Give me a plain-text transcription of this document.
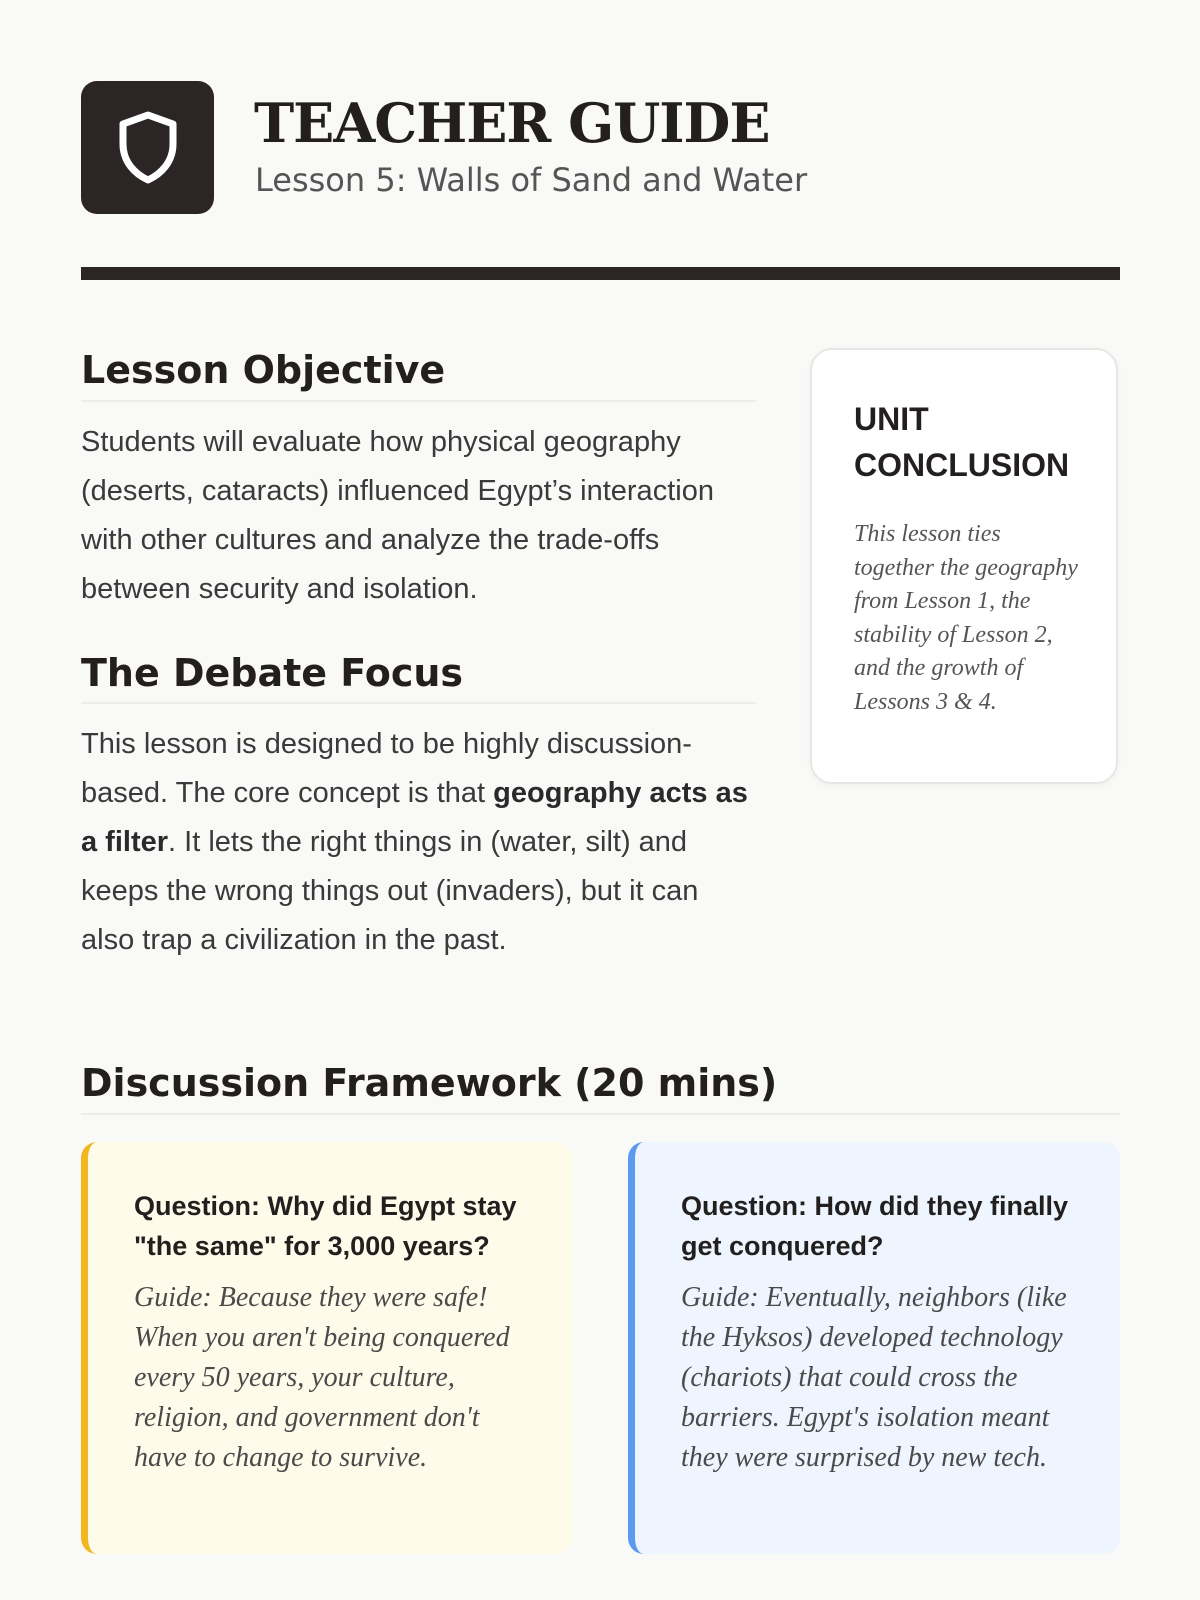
TEACHER GUIDE

Lesson 5: Walls of Sand and Water

Lesson Objective

Students will evaluate how physical geography (deserts, cataracts) influenced Egypt’s interaction with other cultures and analyze the trade-offs between security and isolation.

The Debate Focus

This lesson is designed to be highly discussion-based. The core concept is that geography acts as a filter. It lets the right things in (water, silt) and keeps the wrong things out (invaders), but it can also trap a civilization in the past.

UNIT CONCLUSION

This lesson ties together the geography from Lesson 1, the stability of Lesson 2, and the growth of Lessons 3 & 4.

Discussion Framework (20 mins)

Question: Why did Egypt stay "the same" for 3,000 years?

Guide: Because they were safe! When you aren't being conquered every 50 years, your culture, religion, and government don't have to change to survive.

Question: How did they finally get conquered?

Guide: Eventually, neighbors (like the Hyksos) developed technology (chariots) that could cross the barriers. Egypt's isolation meant they were surprised by new tech.
